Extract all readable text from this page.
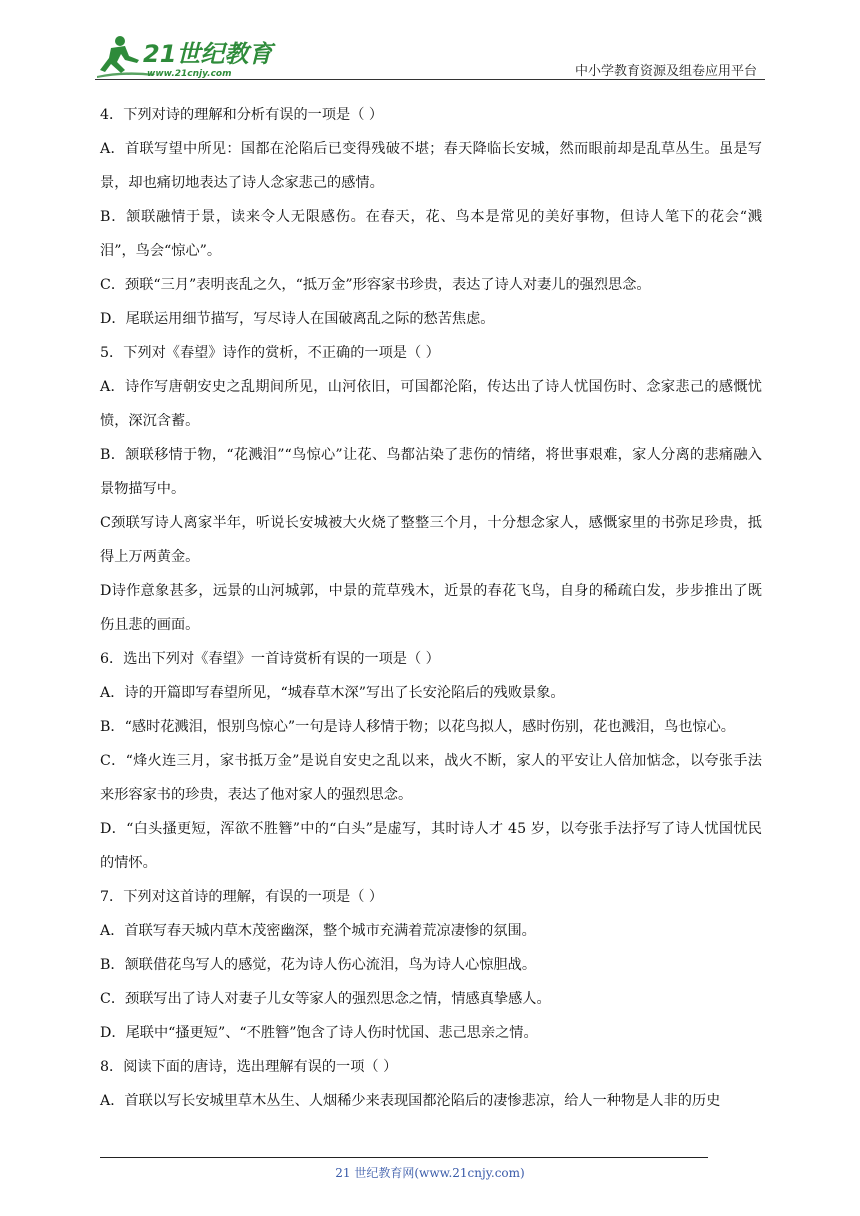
21世纪教育
www.21cnjy.com	中小学教育资源及组卷应用平台

4．下列对诗的理解和分析有误的一项是（ ）

A．首联写望中所见：国都在沦陷后已变得残破不堪；春天降临长安城，然而眼前却是乱草丛生。虽是写景，却也痛切地表达了诗人念家悲己的感情。

B．颔联融情于景，读来令人无限感伤。在春天，花、鸟本是常见的美好事物，但诗人笔下的花会“溅泪”，鸟会“惊心”。

C．颈联“三月”表明丧乱之久，“抵万金”形容家书珍贵，表达了诗人对妻儿的强烈思念。

D．尾联运用细节描写，写尽诗人在国破离乱之际的愁苦焦虑。

5．下列对《春望》诗作的赏析，不正确的一项是（ ）

A．诗作写唐朝安史之乱期间所见，山河依旧，可国都沦陷，传达出了诗人忧国伤时、念家悲己的感慨忧愤，深沉含蓄。

B．颔联移情于物，“花溅泪”“鸟惊心”让花、鸟都沾染了悲伤的情绪，将世事艰难，家人分离的悲痛融入景物描写中。

C颈联写诗人离家半年，听说长安城被大火烧了整整三个月，十分想念家人，感慨家里的书弥足珍贵，抵得上万两黄金。

D诗作意象甚多，远景的山河城郭，中景的荒草残木，近景的春花飞鸟，自身的稀疏白发，步步推出了既伤且悲的画面。

6．选出下列对《春望》一首诗赏析有误的一项是（ ）

A．诗的开篇即写春望所见，“城春草木深”写出了长安沦陷后的残败景象。

B．“感时花溅泪，恨别鸟惊心”一句是诗人移情于物；以花鸟拟人，感时伤别，花也溅泪，鸟也惊心。

C．“烽火连三月，家书抵万金”是说自安史之乱以来，战火不断，家人的平安让人倍加惦念，以夸张手法来形容家书的珍贵，表达了他对家人的强烈思念。

D．“白头搔更短，浑欲不胜簪”中的“白头”是虚写，其时诗人才 45 岁，以夸张手法抒写了诗人忧国忧民的情怀。

7．下列对这首诗的理解，有误的一项是（ ）

A．首联写春天城内草木茂密幽深，整个城市充满着荒凉凄惨的氛围。

B．颔联借花鸟写人的感觉，花为诗人伤心流泪，鸟为诗人心惊胆战。

C．颈联写出了诗人对妻子儿女等家人的强烈思念之情，情感真挚感人。

D．尾联中“搔更短”、“不胜簪”饱含了诗人伤时忧国、悲己思亲之情。

8．阅读下面的唐诗，选出理解有误的一项（ ）

A．首联以写长安城里草木丛生、人烟稀少来表现国都沦陷后的凄惨悲凉，给人一种物是人非的历史

21 世纪教育网(www.21cnjy.com)
